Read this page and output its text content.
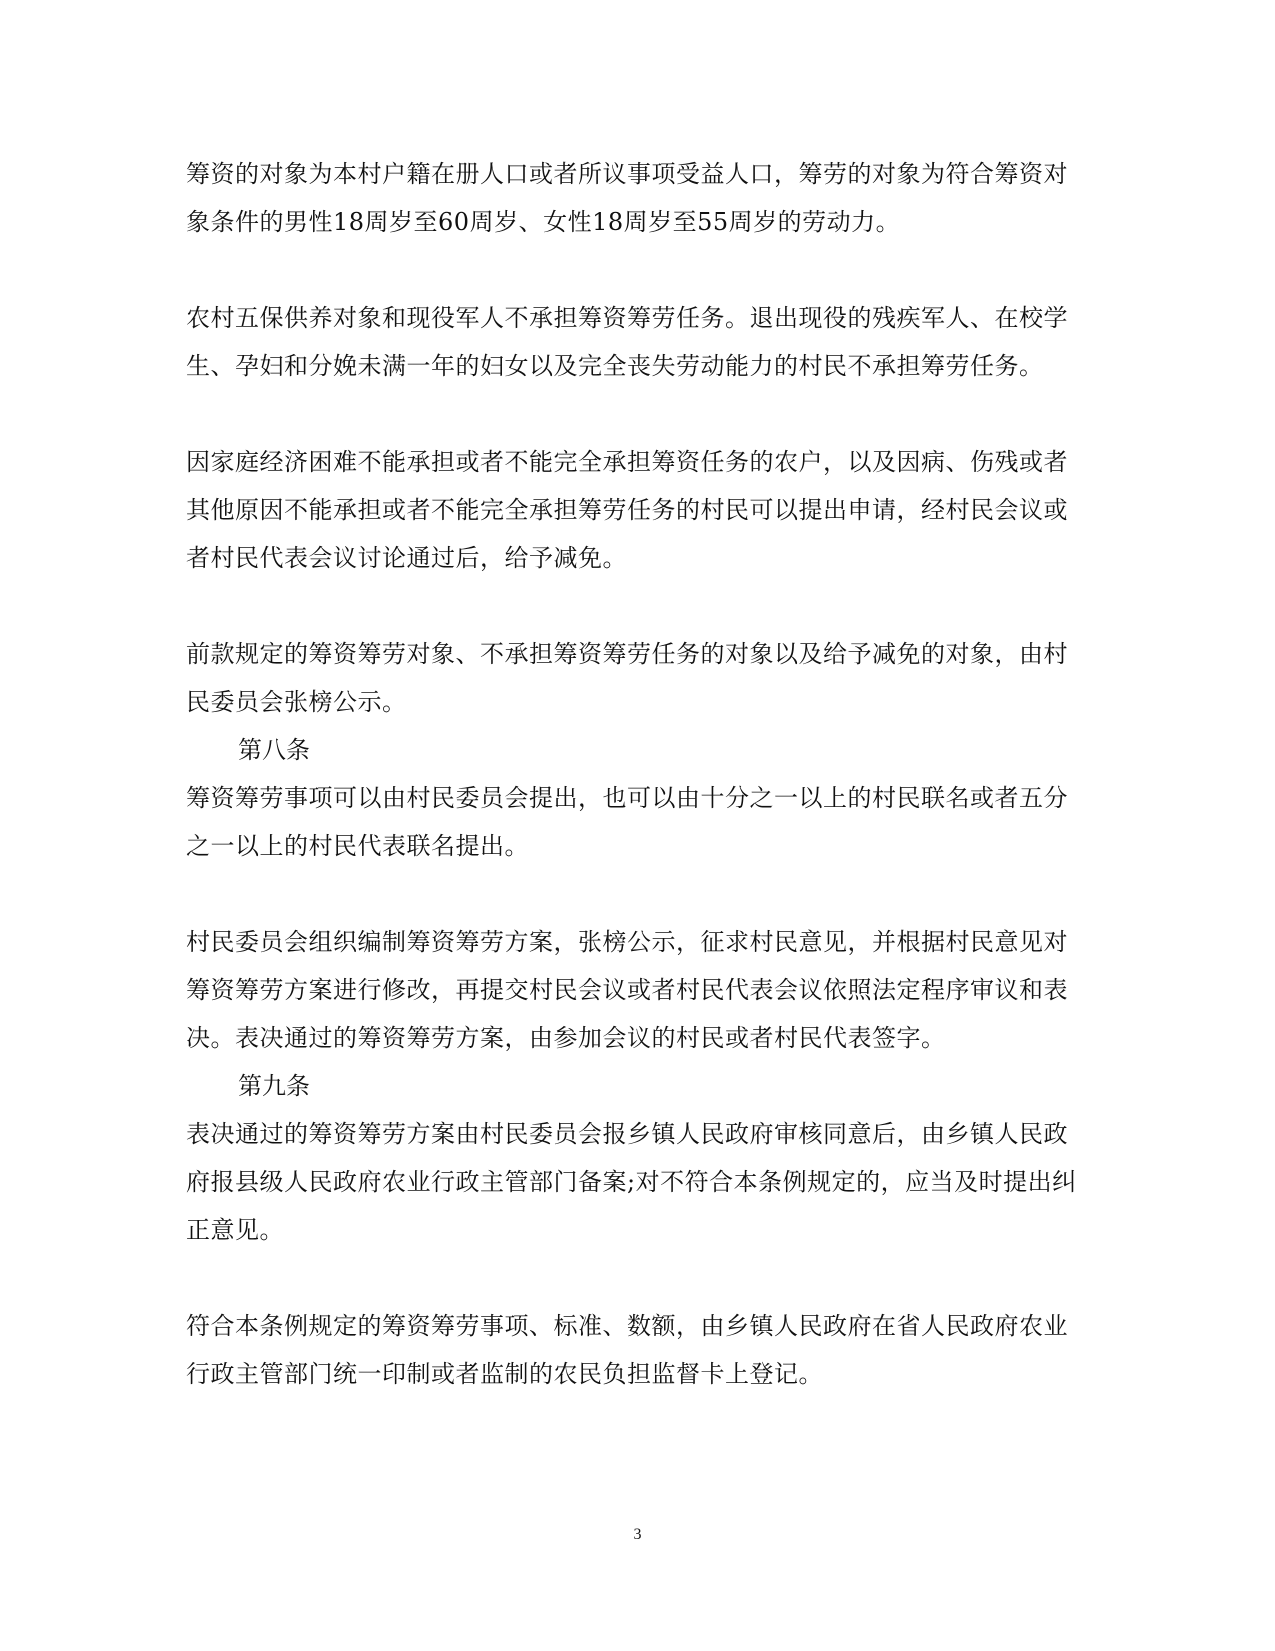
筹资的对象为本村户籍在册人口或者所议事项受益人口，筹劳的对象为符合筹资对象条件的男性18周岁至60周岁、女性18周岁至55周岁的劳动力。

农村五保供养对象和现役军人不承担筹资筹劳任务。退出现役的残疾军人、在校学生、孕妇和分娩未满一年的妇女以及完全丧失劳动能力的村民不承担筹劳任务。

因家庭经济困难不能承担或者不能完全承担筹资任务的农户，以及因病、伤残或者其他原因不能承担或者不能完全承担筹劳任务的村民可以提出申请，经村民会议或者村民代表会议讨论通过后，给予减免。

前款规定的筹资筹劳对象、不承担筹资筹劳任务的对象以及给予减免的对象，由村民委员会张榜公示。

第八条

筹资筹劳事项可以由村民委员会提出，也可以由十分之一以上的村民联名或者五分之一以上的村民代表联名提出。

村民委员会组织编制筹资筹劳方案，张榜公示，征求村民意见，并根据村民意见对筹资筹劳方案进行修改，再提交村民会议或者村民代表会议依照法定程序审议和表决。表决通过的筹资筹劳方案，由参加会议的村民或者村民代表签字。

第九条

表决通过的筹资筹劳方案由村民委员会报乡镇人民政府审核同意后，由乡镇人民政府报县级人民政府农业行政主管部门备案;对不符合本条例规定的，应当及时提出纠正意见。

符合本条例规定的筹资筹劳事项、标准、数额，由乡镇人民政府在省人民政府农业行政主管部门统一印制或者监制的农民负担监督卡上登记。

3
